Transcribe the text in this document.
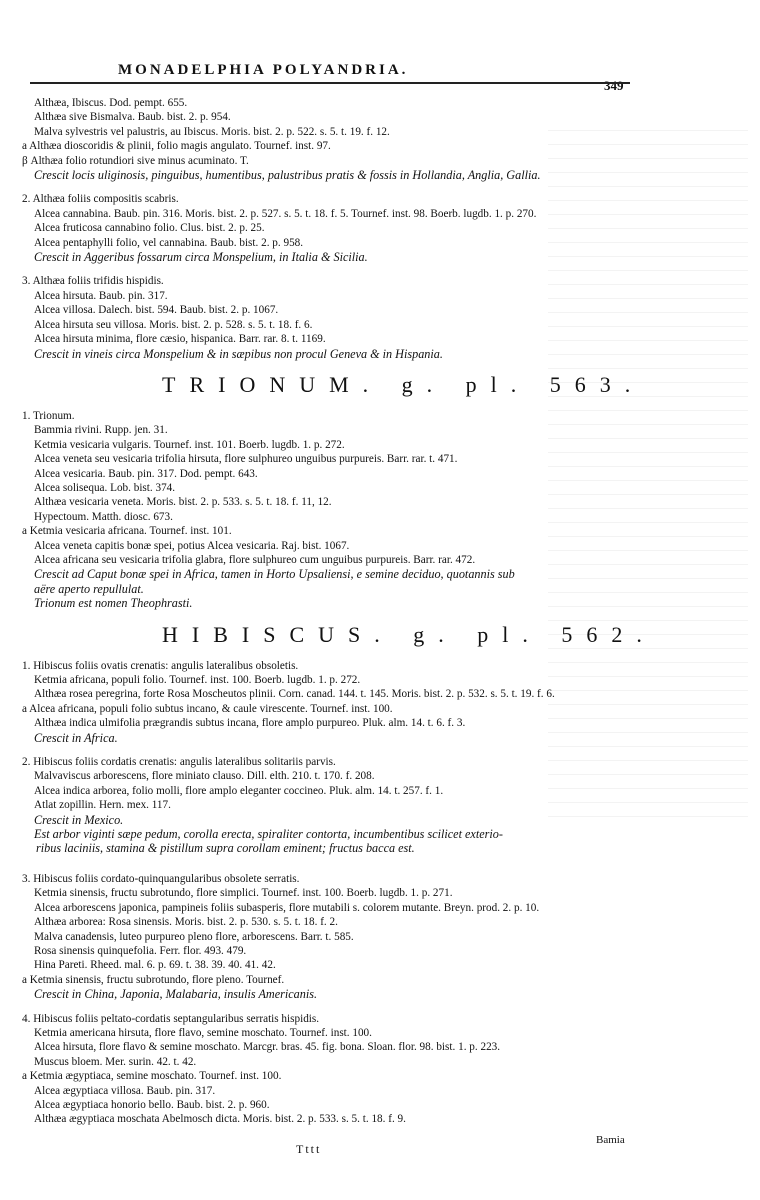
MONADELPHIA POLYANDRIA.
349
Althæa, Ibiscus. Dod. pempt. 655.
Althæa sive Bismalva. Baub. bist. 2. p. 954.
Malva sylvestris vel palustris, au Ibiscus. Moris. bist. 2. p. 522. s. 5. t. 19. f. 12.
a Althæa dioscoridis & plinii, folio magis angulato. Tournef. inst. 97.
β Althæa folio rotundiori sive minus acuminato. T.
Crescit locis uliginosis, pinguibus, humentibus, palustribus pratis & fossis in Hollandia, Anglia, Gallia.
2. Althæa foliis compositis scabris.
Alcea cannabina. Baub. pin. 316. Moris. bist. 2. p. 527. s. 5. t. 18. f. 5. Tournef. inst. 98. Boerb. lugdb. 1. p. 270.
Alcea fruticosa cannabino folio. Clus. bist. 2. p. 25.
Alcea pentaphylli folio, vel cannabina. Baub. bist. 2. p. 958.
Crescit in Aggeribus fossarum circa Monspelium, in Italia & Sicilia.
3. Althæa foliis trifidis hispidis.
Alcea hirsuta. Baub. pin. 317.
Alcea villosa. Dalech. bist. 594. Baub. bist. 2. p. 1067.
Alcea hirsuta seu villosa. Moris. bist. 2. p. 528. s. 5. t. 18. f. 6.
Alcea hirsuta minima, flore cæsio, hispanica. Barr. rar. 8. t. 1169.
Crescit in vineis circa Monspelium & in sæpibus non procul Geneva & in Hispania.
TRIONUM. g. pl. 563.
1. Trionum.
Bammia rivini. Rupp. jen. 31.
Ketmia vesicaria vulgaris. Tournef. inst. 101. Boerb. lugdb. 1. p. 272.
Alcea veneta seu vesicaria trifolia hirsuta, flore sulphureo unguibus purpureis. Barr. rar. t. 471.
Alcea vesicaria. Baub. pin. 317. Dod. pempt. 643.
Alcea solisequa. Lob. bist. 374.
Althæa vesicaria veneta. Moris. bist. 2. p. 533. s. 5. t. 18. f. 11, 12.
Hypectoum. Matth. diosc. 673.
a Ketmia vesicaria africana. Tournef. inst. 101.
Alcea veneta capitis bonæ spei, potius Alcea vesicaria. Raj. bist. 1067.
Alcea africana seu vesicaria trifolia glabra, flore sulphureo cum unguibus purpureis. Barr. rar. 472.
Crescit ad Caput bonæ spei in Africa, tamen in Horto Upsaliensi, e semine deciduo, quotannis sub
aëre aperto repullulat.
Trionum est nomen Theophrasti.
HIBISCUS. g. pl. 562.
1. Hibiscus foliis ovatis crenatis: angulis lateralibus obsoletis.
Ketmia africana, populi folio. Tournef. inst. 100. Boerb. lugdb. 1. p. 272.
Althæa rosea peregrina, forte Rosa Moscheutos plinii. Corn. canad. 144. t. 145. Moris. bist. 2. p. 532. s. 5. t. 19. f. 6.
a Alcea africana, populi folio subtus incano, & caule virescente. Tournef. inst. 100.
Althæa indica ulmifolia prægrandis subtus incana, flore amplo purpureo. Pluk. alm. 14. t. 6. f. 3.
Crescit in Africa.
2. Hibiscus foliis cordatis crenatis: angulis lateralibus solitariis parvis.
Malvaviscus arborescens, flore miniato clauso. Dill. elth. 210. t. 170. f. 208.
Alcea indica arborea, folio molli, flore amplo eleganter coccineo. Pluk. alm. 14. t. 257. f. 1.
Atlat zopillin. Hern. mex. 117.
Crescit in Mexico.
Est arbor viginti sæpe pedum, corolla erecta, spiraliter contorta, incumbentibus scilicet exterio-
ribus laciniis, stamina & pistillum supra corollam eminent; fructus bacca est.
3. Hibiscus foliis cordato-quinquangularibus obsolete serratis.
Ketmia sinensis, fructu subrotundo, flore simplici. Tournef. inst. 100. Boerb. lugdb. 1. p. 271.
Alcea arborescens japonica, pampineis foliis subasperis, flore mutabili s. colorem mutante. Breyn. prod. 2. p. 10.
Althæa arborea: Rosa sinensis. Moris. bist. 2. p. 530. s. 5. t. 18. f. 2.
Malva canadensis, luteo purpureo pleno flore, arborescens. Barr. t. 585.
Rosa sinensis quinquefolia. Ferr. flor. 493. 479.
Hina Pareti. Rheed. mal. 6. p. 69. t. 38. 39. 40. 41. 42.
a Ketmia sinensis, fructu subrotundo, flore pleno. Tournef.
Crescit in China, Japonia, Malabaria, insulis Americanis.
4. Hibiscus foliis peltato-cordatis septangularibus serratis hispidis.
Ketmia americana hirsuta, flore flavo, semine moschato. Tournef. inst. 100.
Alcea hirsuta, flore flavo & semine moschato. Marcgr. bras. 45. fig. bona. Sloan. flor. 98. bist. 1. p. 223.
Muscus bloem. Mer. surin. 42. t. 42.
a Ketmia ægyptiaca, semine moschato. Tournef. inst. 100.
Alcea ægyptiaca villosa. Baub. pin. 317.
Alcea ægyptiaca honorio bello. Baub. bist. 2. p. 960.
Althæa ægyptiaca moschata Abelmosch dicta. Moris. bist. 2. p. 533. s. 5. t. 18. f. 9.
Tttt
Bamia
